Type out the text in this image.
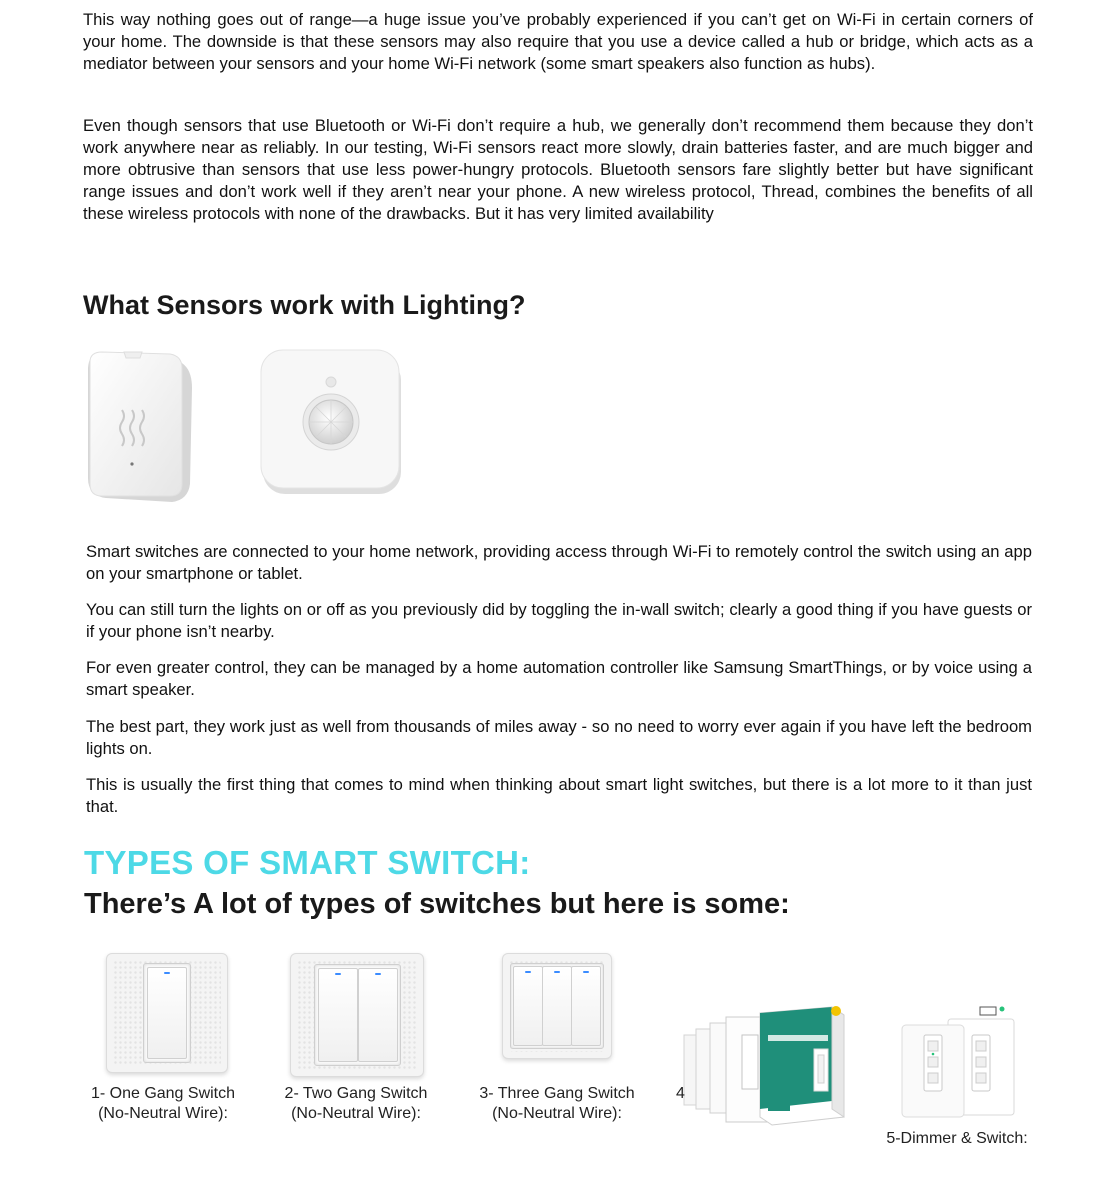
This way nothing goes out of range—a huge issue you’ve probably experienced if you can’t get on Wi-Fi in certain corners of your home. The downside is that these sensors may also require that you use a device called a hub or bridge, which acts as a mediator between your sensors and your home Wi-Fi network (some smart speakers also function as hubs).

Even though sensors that use Bluetooth or Wi-Fi don’t require a hub, we generally don’t recommend them because they don’t work anywhere near as reliably. In our testing, Wi-Fi sensors react more slowly, drain batteries faster, and are much bigger and more obtrusive than sensors that use less power-hungry protocols. Bluetooth sensors fare slightly better but have significant range issues and don’t work well if they aren’t near your phone. A new wireless protocol, Thread, combines the benefits of all these wireless protocols with none of the drawbacks. But it has very limited availability

What Sensors work with Lighting?

Smart switches are connected to your home network, providing access through Wi-Fi to remotely control the switch using an app on your smartphone or tablet.

You can still turn the lights on or off as you previously did by toggling the in-wall switch; clearly a good thing if you have guests or if your phone isn’t nearby.

For even greater control, they can be managed by a home automation controller like Samsung SmartThings, or by voice using a smart speaker.

The best part, they work just as well from thousands of miles away - so no need to worry ever again if you have left the bedroom lights on.

This is usually the first thing that comes to mind when thinking about smart light switches, but there is a lot more to it than just that.

TYPES OF SMART SWITCH:
There’s A lot of types of switches but here is some:
1- One Gang Switch
(No-Neutral Wire):
2- Two Gang Switch
(No-Neutral Wire):
3- Three Gang Switch
(No-Neutral Wire):
4
5-Dimmer & Switch:
